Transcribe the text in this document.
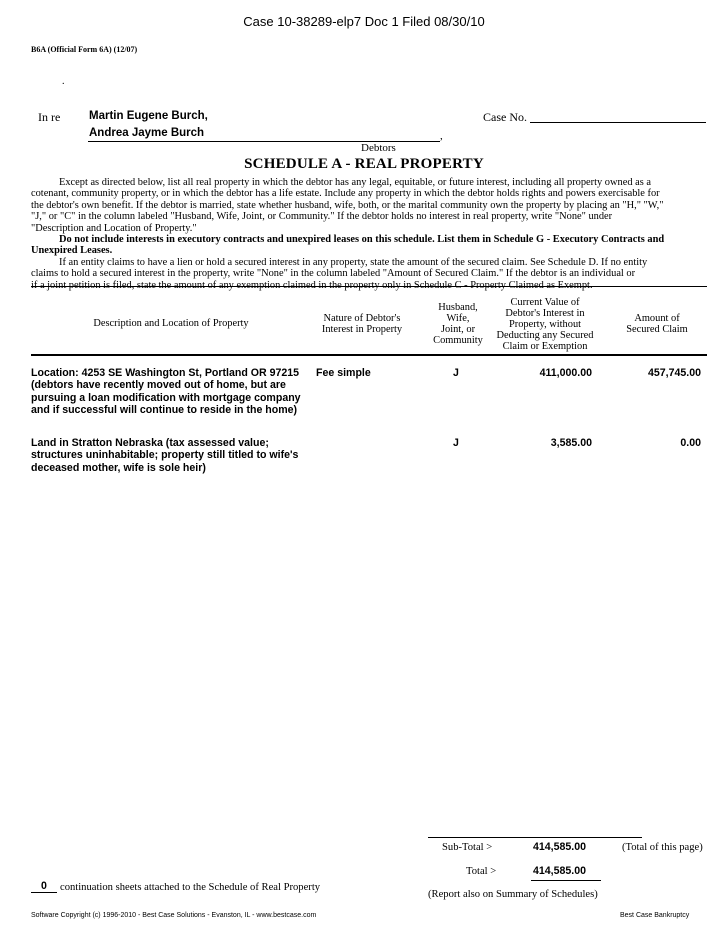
Case 10-38289-elp7 Doc 1 Filed 08/30/10
B6A (Official Form 6A) (12/07)
.
In re Martin Eugene Burch,
Andrea Jayme Burch	,
Debtors
Case No.
SCHEDULE A - REAL PROPERTY

Except as directed below, list all real property in which the debtor has any legal, equitable, or future interest, including all property owned as a

cotenant, community property, or in which the debtor has a life estate. Include any property in which the debtor holds rights and powers exercisable for

the debtor's own benefit. If the debtor is married, state whether husband, wife, both, or the marital community own the property by placing an "H," "W,"

"J," or "C" in the column labeled "Husband, Wife, Joint, or Community." If the debtor holds no interest in real property, write "None" under

"Description and Location of Property."

Do not include interests in executory contracts and unexpired leases on this schedule. List them in Schedule G - Executory Contracts and

Unexpired Leases.

If an entity claims to have a lien or hold a secured interest in any property, state the amount of the secured claim. See Schedule D. If no entity

claims to hold a secured interest in the property, write "None" in the column labeled "Amount of Secured Claim." If the debtor is an individual or

if a joint petition is filed, state the amount of any exemption claimed in the property only in Schedule C - Property Claimed as Exempt.

Description and Location of Property	Nature of Debtor's
Interest in Property
Husband,
Wife,
Joint, or
Community
Current Value of
Debtor's Interest in
Property, without
Deducting any Secured
Claim or Exemption
Amount of
Secured Claim
Location: 4253 SE Washington St, Portland OR 97215 (debtors have recently moved out of home, but are pursuing a loan modification with mortgage company and if successful will continue to reside in the home)
Fee simple	J	411,000.00	457,745.00
Land in Stratton Nebraska (tax assessed value; structures uninhabitable; property still titled to wife's deceased mother, wife is sole heir)
J	3,585.00	0.00
Sub-Total >	414,585.00	(Total of this page)
Total >	414,585.00
(Report also on Summary of Schedules)
0	continuation sheets attached to the Schedule of Real Property
Software Copyright (c) 1996-2010 - Best Case Solutions - Evanston, IL - www.bestcase.com	Best Case Bankruptcy
